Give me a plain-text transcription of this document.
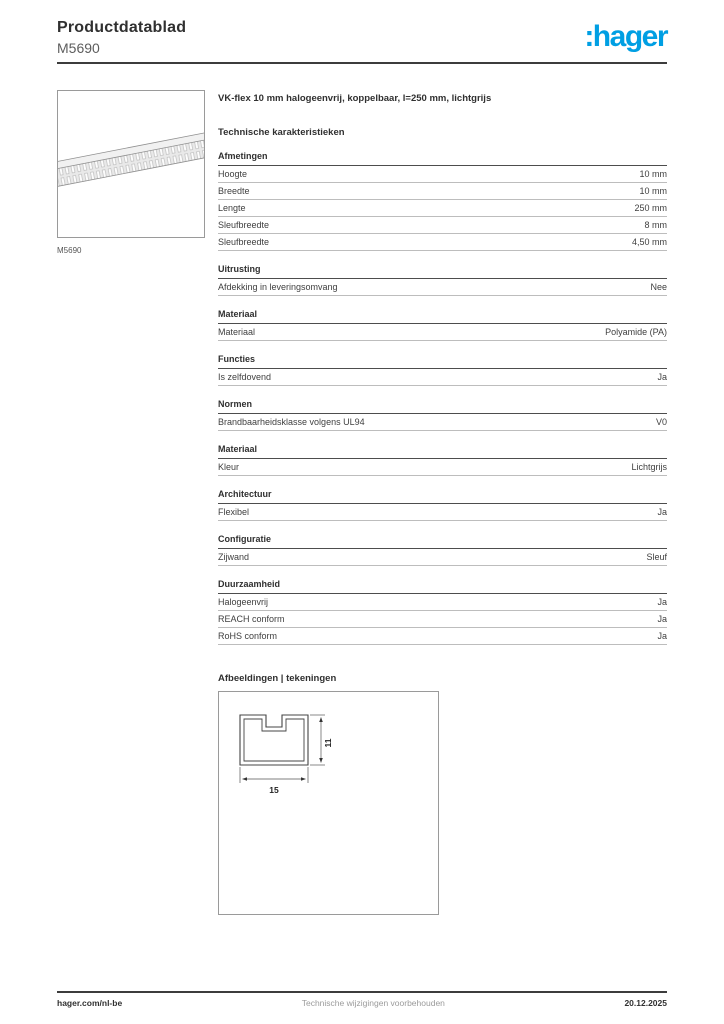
Productdatablad
M5690	:hager
M5690
VK-flex 10 mm halogeenvrij, koppelbaar, l=250 mm, lichtgrijs
Technische karakteristieken
Afmetingen
Hoogte	10 mm
Breedte	10 mm
Lengte	250 mm
Sleufbreedte	8 mm
Sleufbreedte	4,50 mm
Uitrusting
Afdekking in leveringsomvang	Nee
Materiaal
Materiaal	Polyamide (PA)
Functies
Is zelfdovend	Ja
Normen
Brandbaarheidsklasse volgens UL94	V0
Materiaal
Kleur	Lichtgrijs
Architectuur
Flexibel	Ja
Configuratie
Zijwand	Sleuf
Duurzaamheid
Halogeenvrij	Ja
REACH conform	Ja
RoHS conform	Ja
Afbeeldingen | tekeningen
11
15
hager.com/nl-be	Technische wijzigingen voorbehouden	20.12.2025
